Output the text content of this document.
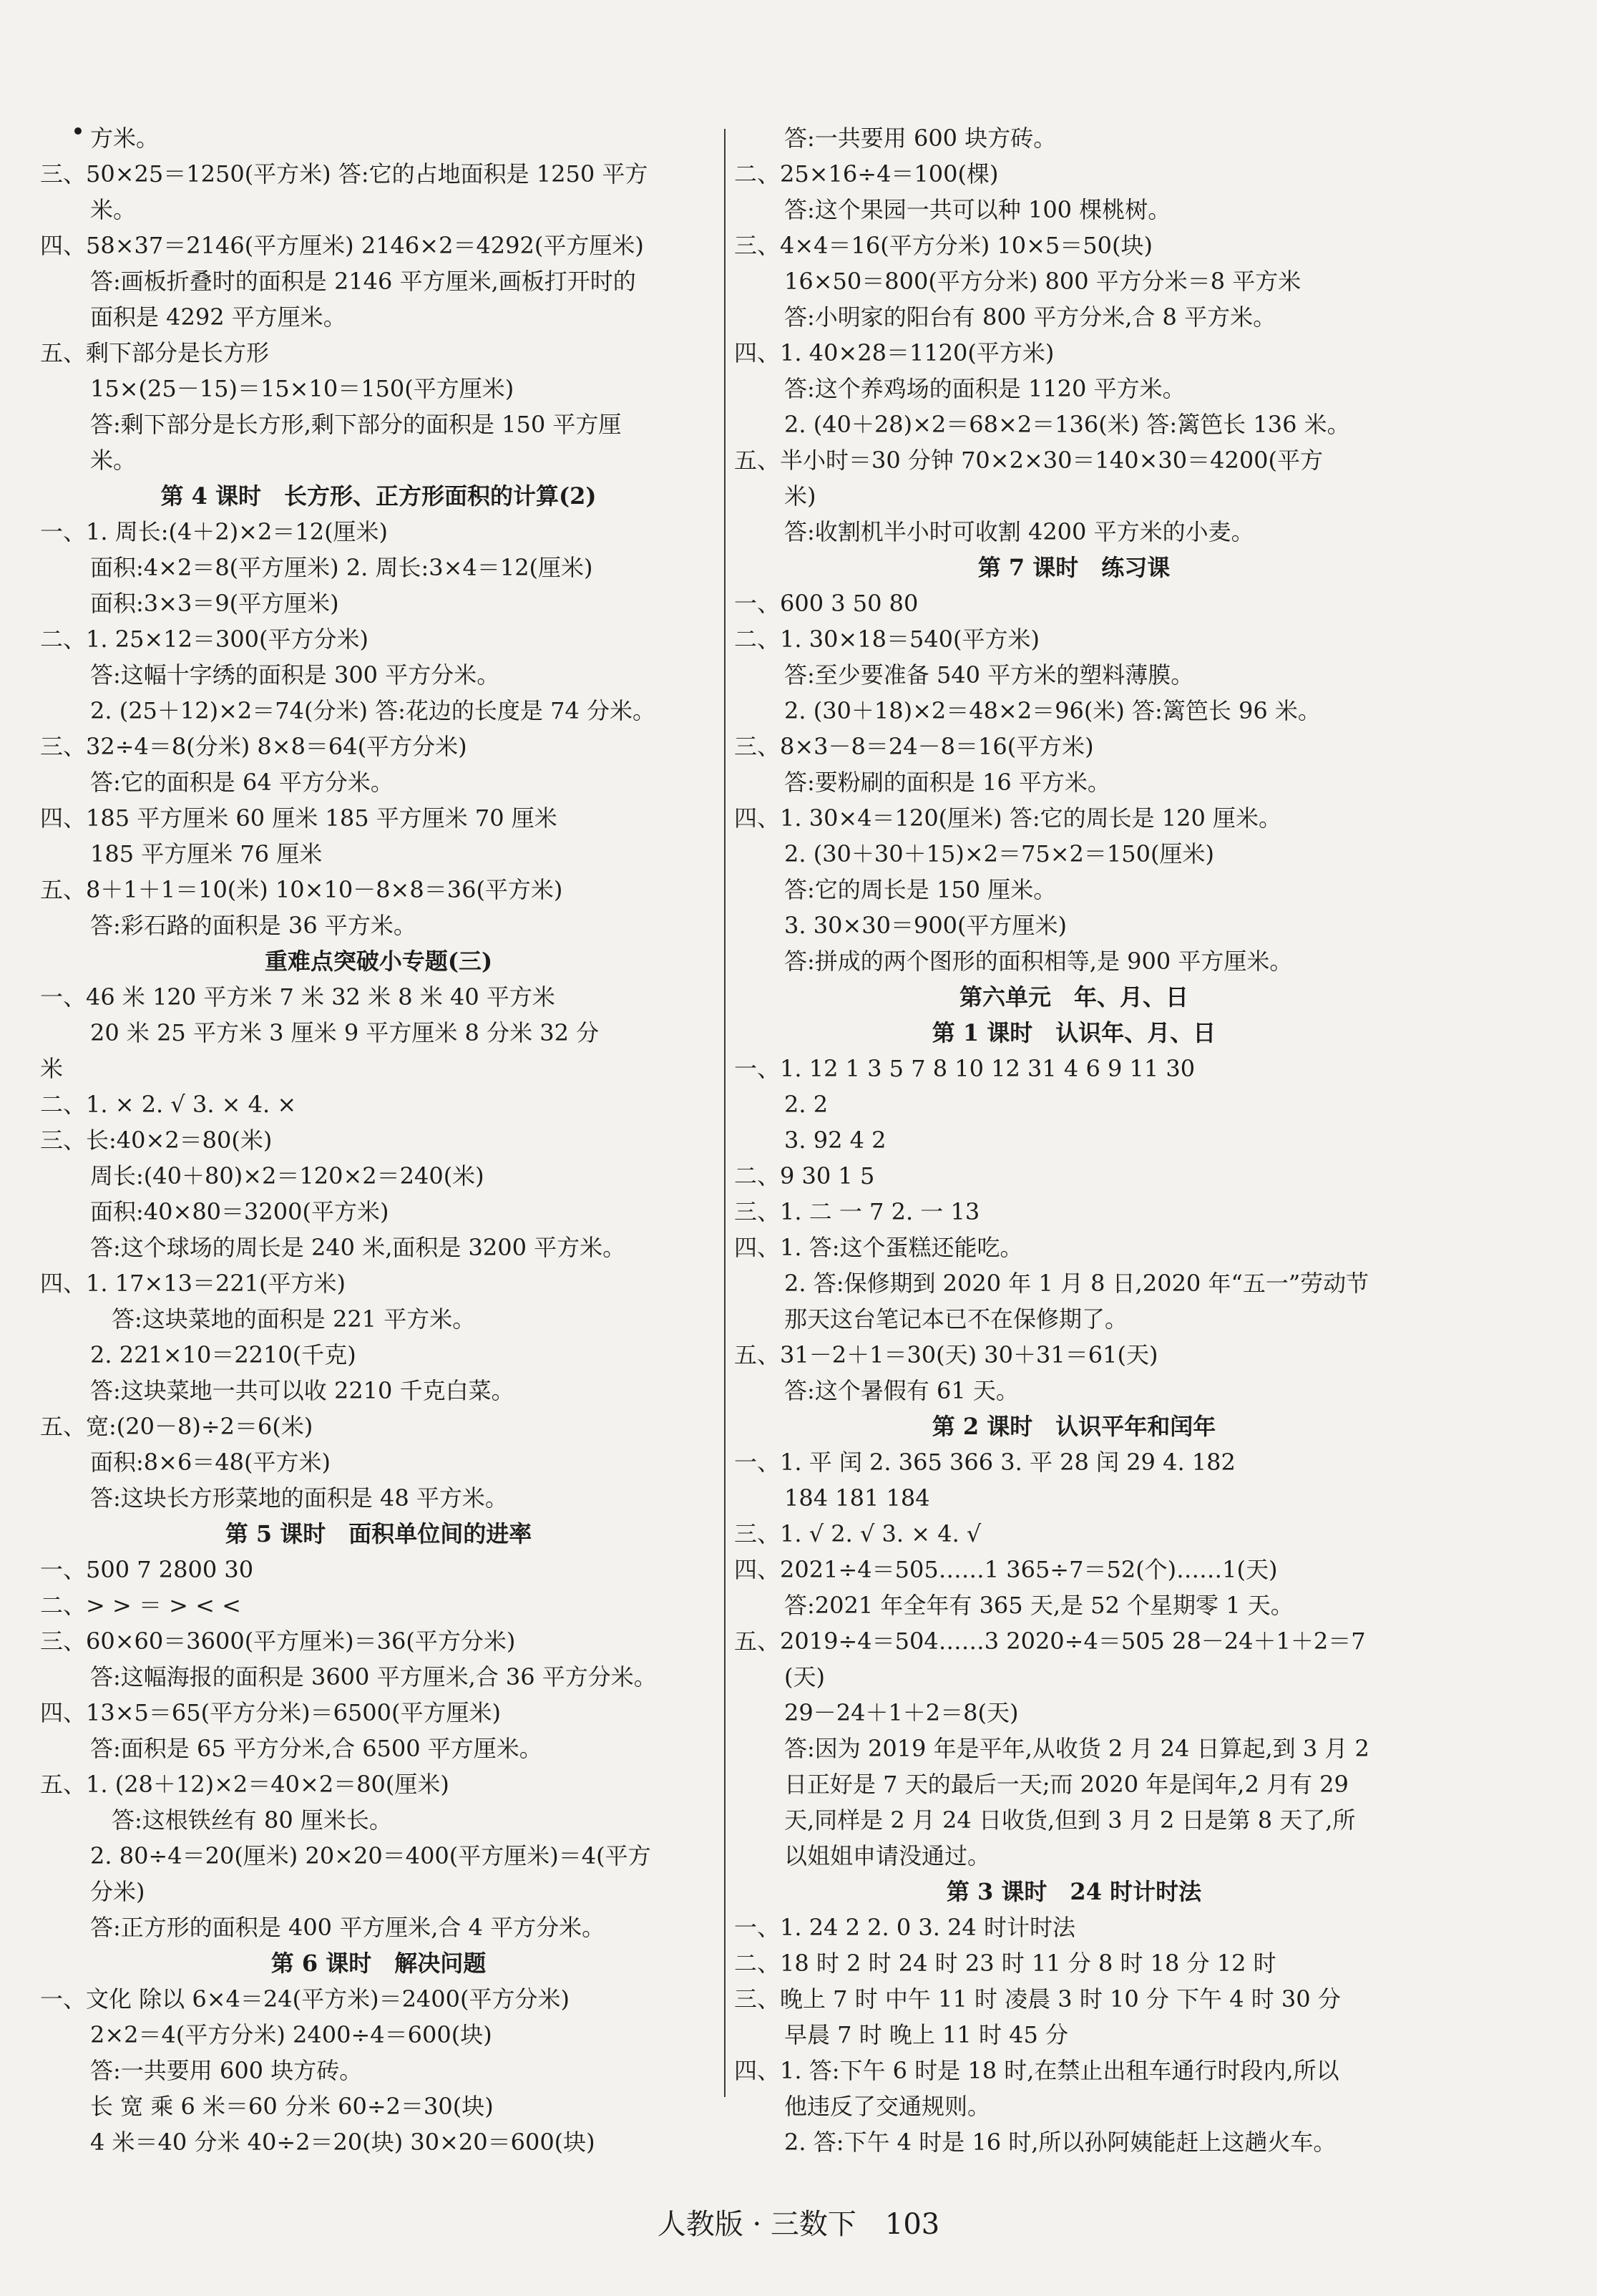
方米。
三、50×25＝1250(平方米) 答:它的占地面积是 1250 平方
米。
四、58×37＝2146(平方厘米) 2146×2＝4292(平方厘米)
答:画板折叠时的面积是 2146 平方厘米,画板打开时的
面积是 4292 平方厘米。
五、剩下部分是长方形
15×(25－15)＝15×10＝150(平方厘米)
答:剩下部分是长方形,剩下部分的面积是 150 平方厘
米。
第 4 课时　长方形、正方形面积的计算(2)
一、1. 周长:(4＋2)×2＝12(厘米)
面积:4×2＝8(平方厘米) 2. 周长:3×4＝12(厘米)
面积:3×3＝9(平方厘米)
二、1. 25×12＝300(平方分米)
答:这幅十字绣的面积是 300 平方分米。
2. (25＋12)×2＝74(分米) 答:花边的长度是 74 分米。
三、32÷4＝8(分米) 8×8＝64(平方分米)
答:它的面积是 64 平方分米。
四、185 平方厘米 60 厘米 185 平方厘米 70 厘米
185 平方厘米 76 厘米
五、8＋1＋1＝10(米) 10×10－8×8＝36(平方米)
答:彩石路的面积是 36 平方米。
重难点突破小专题(三)
一、46 米 120 平方米 7 米 32 米 8 米 40 平方米
20 米 25 平方米 3 厘米 9 平方厘米 8 分米 32 分
米
二、1. × 2. √ 3. × 4. ×
三、长:40×2＝80(米)
周长:(40＋80)×2＝120×2＝240(米)
面积:40×80＝3200(平方米)
答:这个球场的周长是 240 米,面积是 3200 平方米。
四、1. 17×13＝221(平方米)
答:这块菜地的面积是 221 平方米。
2. 221×10＝2210(千克)
答:这块菜地一共可以收 2210 千克白菜。
五、宽:(20－8)÷2＝6(米)
面积:8×6＝48(平方米)
答:这块长方形菜地的面积是 48 平方米。
第 5 课时　面积单位间的进率
一、500 7 2800 30
二、> > ＝ > < <
三、60×60＝3600(平方厘米)＝36(平方分米)
答:这幅海报的面积是 3600 平方厘米,合 36 平方分米。
四、13×5＝65(平方分米)＝6500(平方厘米)
答:面积是 65 平方分米,合 6500 平方厘米。
五、1. (28＋12)×2＝40×2＝80(厘米)
答:这根铁丝有 80 厘米长。
2. 80÷4＝20(厘米) 20×20＝400(平方厘米)＝4(平方
分米)
答:正方形的面积是 400 平方厘米,合 4 平方分米。
第 6 课时　解决问题
一、文化 除以 6×4＝24(平方米)＝2400(平方分米)
2×2＝4(平方分米) 2400÷4＝600(块)
答:一共要用 600 块方砖。
长 宽 乘 6 米＝60 分米 60÷2＝30(块)
4 米＝40 分米 40÷2＝20(块) 30×20＝600(块)
答:一共要用 600 块方砖。
二、25×16÷4＝100(棵)
答:这个果园一共可以种 100 棵桃树。
三、4×4＝16(平方分米) 10×5＝50(块)
16×50＝800(平方分米) 800 平方分米＝8 平方米
答:小明家的阳台有 800 平方分米,合 8 平方米。
四、1. 40×28＝1120(平方米)
答:这个养鸡场的面积是 1120 平方米。
2. (40＋28)×2＝68×2＝136(米) 答:篱笆长 136 米。
五、半小时＝30 分钟 70×2×30＝140×30＝4200(平方
米)
答:收割机半小时可收割 4200 平方米的小麦。
第 7 课时　练习课
一、600 3 50 80
二、1. 30×18＝540(平方米)
答:至少要准备 540 平方米的塑料薄膜。
2. (30＋18)×2＝48×2＝96(米) 答:篱笆长 96 米。
三、8×3－8＝24－8＝16(平方米)
答:要粉刷的面积是 16 平方米。
四、1. 30×4＝120(厘米) 答:它的周长是 120 厘米。
2. (30＋30＋15)×2＝75×2＝150(厘米)
答:它的周长是 150 厘米。
3. 30×30＝900(平方厘米)
答:拼成的两个图形的面积相等,是 900 平方厘米。
第六单元　年、月、日
第 1 课时　认识年、月、日
一、1. 12 1 3 5 7 8 10 12 31 4 6 9 11 30
2. 2
3. 92 4 2
二、9 30 1 5
三、1. 二 一 7 2. 一 13
四、1. 答:这个蛋糕还能吃。
2. 答:保修期到 2020 年 1 月 8 日,2020 年“五一”劳动节
那天这台笔记本已不在保修期了。
五、31－2＋1＝30(天) 30＋31＝61(天)
答:这个暑假有 61 天。
第 2 课时　认识平年和闰年
一、1. 平 闰 2. 365 366 3. 平 28 闰 29 4. 182
184 181 184
三、1. √ 2. √ 3. × 4. √
四、2021÷4＝505……1 365÷7＝52(个)……1(天)
答:2021 年全年有 365 天,是 52 个星期零 1 天。
五、2019÷4＝504……3 2020÷4＝505 28－24＋1＋2＝7
(天)
29－24＋1＋2＝8(天)
答:因为 2019 年是平年,从收货 2 月 24 日算起,到 3 月 2
日正好是 7 天的最后一天;而 2020 年是闰年,2 月有 29
天,同样是 2 月 24 日收货,但到 3 月 2 日是第 8 天了,所
以姐姐申请没通过。
第 3 课时　24 时计时法
一、1. 24 2 2. 0 3. 24 时计时法
二、18 时 2 时 24 时 23 时 11 分 8 时 18 分 12 时
三、晚上 7 时 中午 11 时 凌晨 3 时 10 分 下午 4 时 30 分
早晨 7 时 晚上 11 时 45 分
四、1. 答:下午 6 时是 18 时,在禁止出租车通行时段内,所以
他违反了交通规则。
2. 答:下午 4 时是 16 时,所以孙阿姨能赶上这趟火车。
人教版 · 三数下　103
